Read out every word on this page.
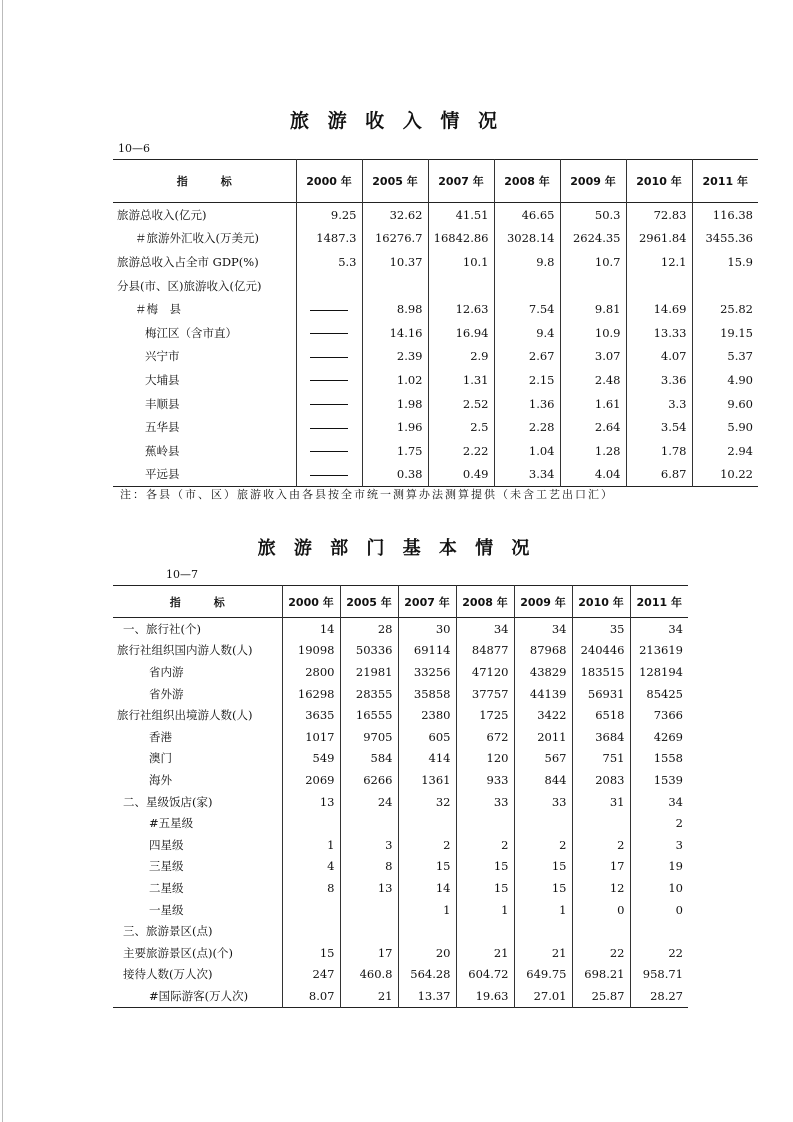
旅 游 收 入 情 况
10—6
指　　　标	2000 年	2005 年	2007 年	2008 年	2009 年	2010 年	2011 年
旅游总收入(亿元)	9.25	32.62	41.51	46.65	50.3	72.83	116.38
＃旅游外汇收入(万美元)	1487.3	16276.7	16842.86	3028.14	2624.35	2961.84	3455.36
旅游总收入占全市 GDP(%)	5.3	10.37	10.1	9.8	10.7	12.1	15.9
分县(市、区)旅游收入(亿元)							
＃梅　县		8.98	12.63	7.54	9.81	14.69	25.82
梅江区（含市直）		14.16	16.94	9.4	10.9	13.33	19.15
兴宁市		2.39	2.9	2.67	3.07	4.07	5.37
大埔县		1.02	1.31	2.15	2.48	3.36	4.90
丰顺县		1.98	2.52	1.36	1.61	3.3	9.60
五华县		1.96	2.5	2.28	2.64	3.54	5.90
蕉岭县		1.75	2.22	1.04	1.28	1.78	2.94
平远县		0.38	0.49	3.34	4.04	6.87	10.22
注：各县（市、区）旅游收入由各县按全市统一测算办法测算提供（未含工艺出口汇）
旅 游 部 门 基 本 情 况
10—7
指　　　标	2000 年	2005 年	2007 年	2008 年	2009 年	2010 年	2011 年
一、旅行社(个)	14	28	30	34	34	35	34
旅行社组织国内游人数(人)	19098	50336	69114	84877	87968	240446	213619
省内游	2800	21981	33256	47120	43829	183515	128194
省外游	16298	28355	35858	37757	44139	56931	85425
旅行社组织出境游人数(人)	3635	16555	2380	1725	3422	6518	7366
香港	1017	9705	605	672	2011	3684	4269
澳门	549	584	414	120	567	751	1558
海外	2069	6266	1361	933	844	2083	1539
二、星级饭店(家)	13	24	32	33	33	31	34
#五星级							2
四星级	1	3	2	2	2	2	3
三星级	4	8	15	15	15	17	19
二星级	8	13	14	15	15	12	10
一星级			1	1	1	0	0
三、旅游景区(点)							
主要旅游景区(点)(个)	15	17	20	21	21	22	22
接待人数(万人次)	247	460.8	564.28	604.72	649.75	698.21	958.71
#国际游客(万人次)	8.07	21	13.37	19.63	27.01	25.87	28.27
